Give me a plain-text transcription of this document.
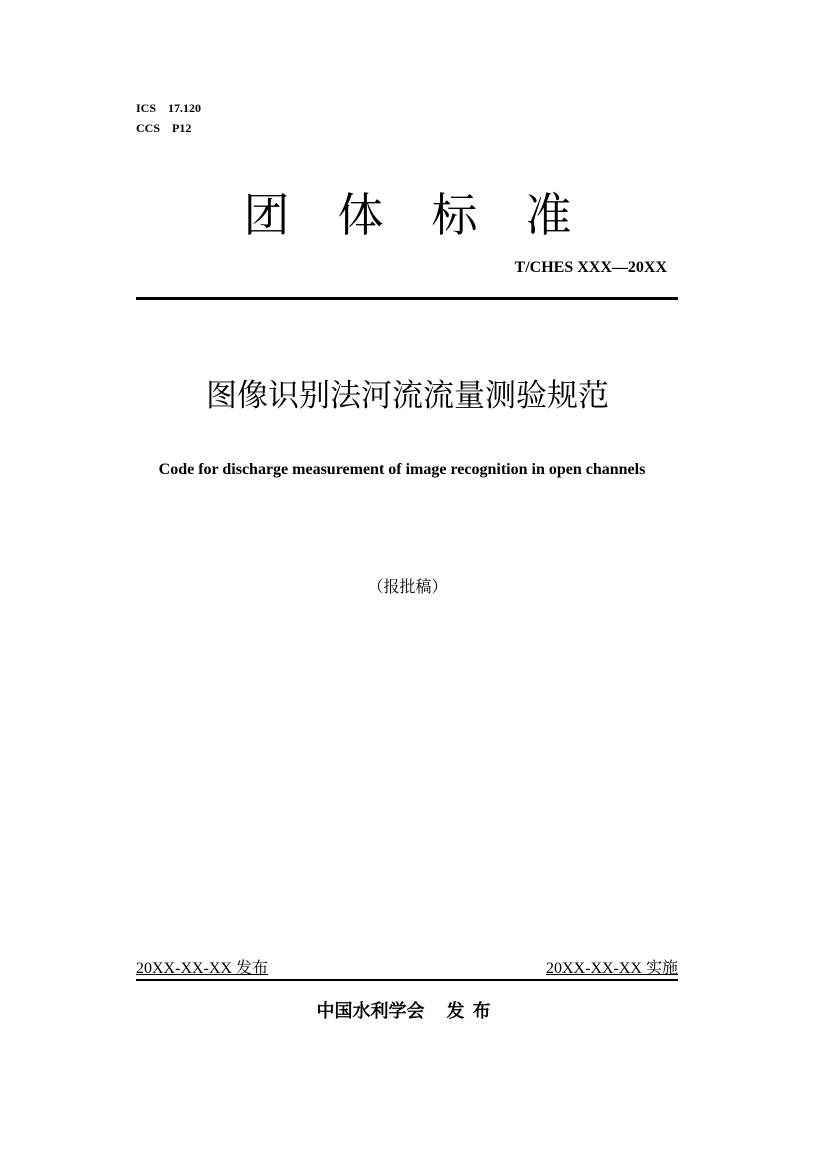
ICS 17.120
CCS P12
团体标准
T/CHES XXX—20XX
图像识别法河流流量测验规范
Code for discharge measurement of image recognition in open channels
（报批稿）
20XX-XX-XX 发布	20XX-XX-XX 实施
中国水利学会 发布
